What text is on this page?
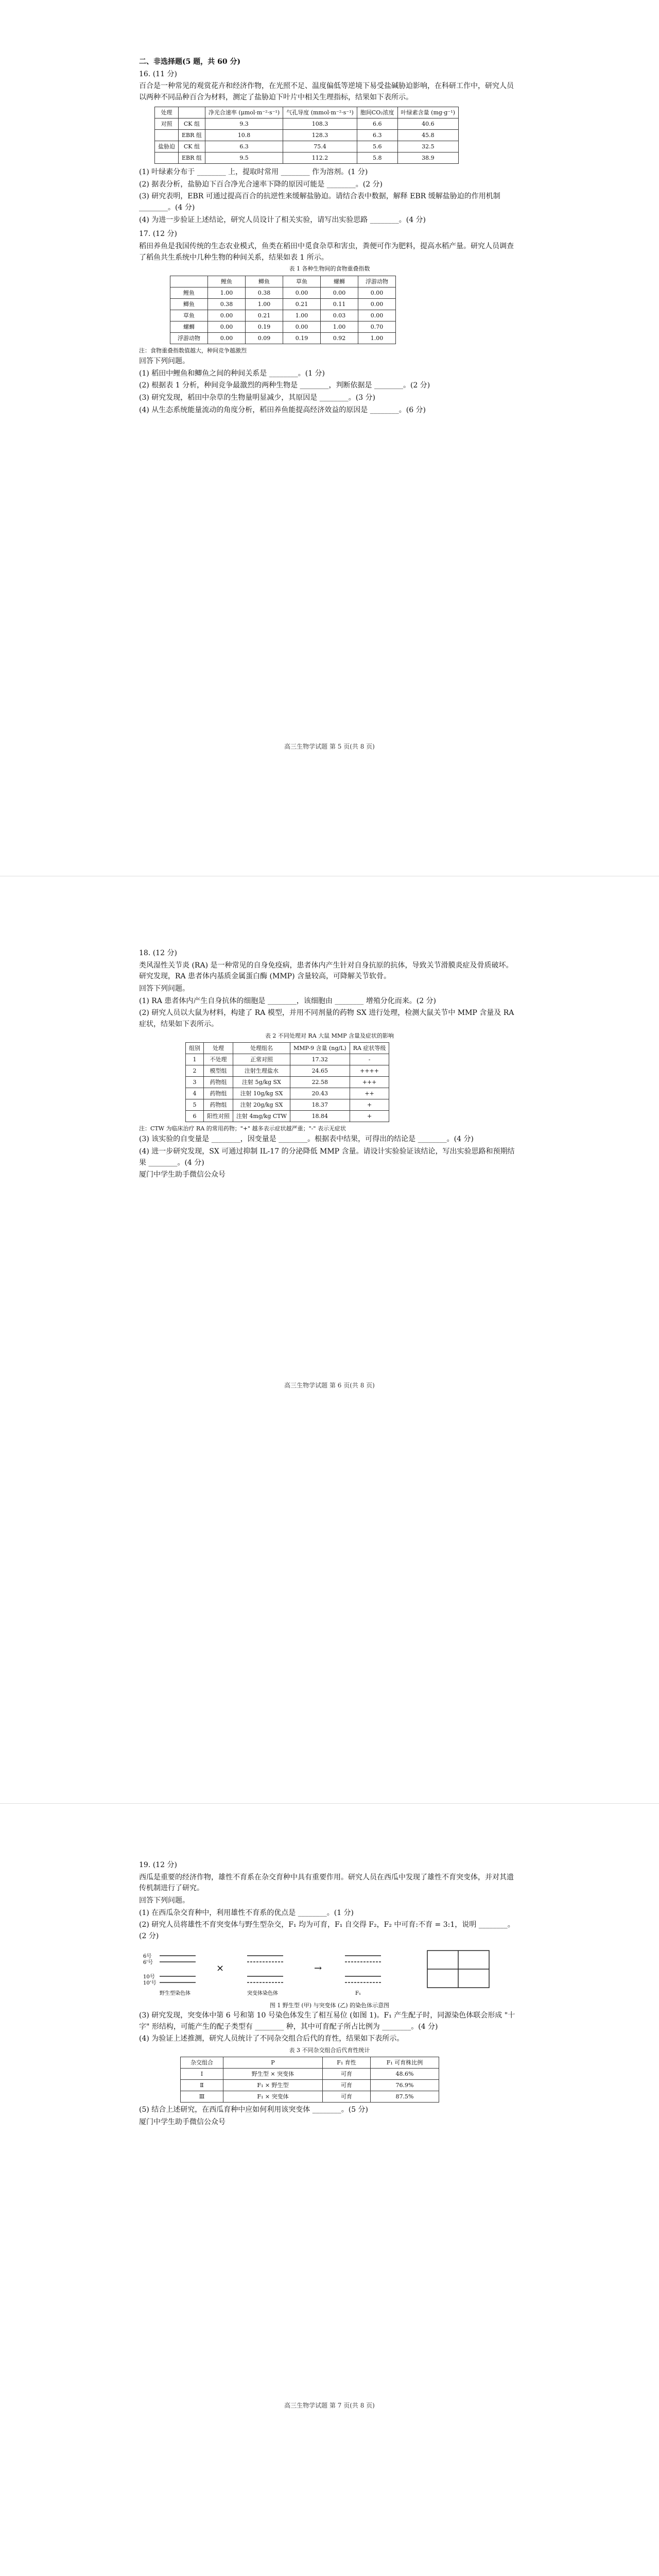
二、非选择题(5 题，共 60 分)

16. (11 分)

百合是一种常见的观赏花卉和经济作物，在光照不足、温度偏低等逆境下易受盐碱胁迫影响，在科研工作中，研究人员以两种不同品种百合为材料，测定了盐胁迫下叶片中相关生理指标，结果如下表所示。

处理		净光合速率 (μmol·m⁻²·s⁻¹)	气孔导度 (mmol·m⁻²·s⁻¹)	胞间CO₂浓度	叶绿素含量 (mg·g⁻¹)
对照	CK 组	9.3	108.3	6.6	40.6
	EBR 组	10.8	128.3	6.3	45.8
盐胁迫	CK 组	6.3	75.4	5.6	32.5
	EBR 组	9.5	112.2	5.8	38.9

(1) 叶绿素分布于 ________ 上，提取时常用 ________ 作为溶剂。(1 分)

(2) 据表分析，盐胁迫下百合净光合速率下降的原因可能是 ________。(2 分)

(3) 研究表明，EBR 可通过提高百合的抗逆性来缓解盐胁迫。请结合表中数据，解释 EBR 缓解盐胁迫的作用机制 ________。(4 分)

(4) 为进一步验证上述结论，研究人员设计了相关实验，请写出实验思路 ________。(4 分)

17. (12 分)

稻田养鱼是我国传统的生态农业模式，鱼类在稻田中觅食杂草和害虫，粪便可作为肥料，提高水稻产量。研究人员调查了稻鱼共生系统中几种生物的种间关系，结果如表 1 所示。

表 1 各种生物间的食物重叠指数

	鲤鱼	鲫鱼	草鱼	螺蛳	浮游动物
鲤鱼	1.00	0.38	0.00	0.00	0.00
鲫鱼	0.38	1.00	0.21	0.11	0.00
草鱼	0.00	0.21	1.00	0.03	0.00
螺蛳	0.00	0.19	0.00	1.00	0.70
浮游动物	0.00	0.09	0.19	0.92	1.00

注：食物重叠指数值越大，种间竞争越激烈

回答下列问题。

(1) 稻田中鲤鱼和鲫鱼之间的种间关系是 ________。(1 分)

(2) 根据表 1 分析，种间竞争最激烈的两种生物是 ________，判断依据是 ________。(2 分)

(3) 研究发现，稻田中杂草的生物量明显减少，其原因是 ________。(3 分)

(4) 从生态系统能量流动的角度分析，稻田养鱼能提高经济效益的原因是 ________。(6 分)

高三生物学试题 第 5 页(共 8 页)

18. (12 分)

类风湿性关节炎 (RA) 是一种常见的自身免疫病，患者体内产生针对自身抗原的抗体，导致关节滑膜炎症及骨质破坏。研究发现，RA 患者体内基质金属蛋白酶 (MMP) 含量较高，可降解关节软骨。

回答下列问题。

(1) RA 患者体内产生自身抗体的细胞是 ________，该细胞由 ________ 增殖分化而来。(2 分)

(2) 研究人员以大鼠为材料，构建了 RA 模型，并用不同剂量的药物 SX 进行处理，检测大鼠关节中 MMP 含量及 RA 症状，结果如下表所示。

表 2 不同处理对 RA 大鼠 MMP 含量及症状的影响

组别	处理	处理组名	MMP-9 含量 (ng/L)	RA 症状等级
1	不处理	正常对照	17.32	-
2	模型组	注射生理盐水	24.65	++++
3	药物组	注射 5g/kg SX	22.58	+++
4	药物组	注射 10g/kg SX	20.43	++
5	药物组	注射 20g/kg SX	18.37	+
6	阳性对照	注射 4mg/kg CTW	18.84	+

注：CTW 为临床治疗 RA 的常用药物；"+" 越多表示症状越严重；"-" 表示无症状

(3) 该实验的自变量是 ________，因变量是 ________。根据表中结果，可得出的结论是 ________。(4 分)

(4) 进一步研究发现，SX 可通过抑制 IL-17 的分泌降低 MMP 含量。请设计实验验证该结论，写出实验思路和预期结果 ________。(4 分)

厦门中学生助手微信公众号

高三生物学试题 第 6 页(共 8 页)

19. (12 分)

西瓜是重要的经济作物，雄性不育系在杂交育种中具有重要作用。研究人员在西瓜中发现了雄性不育突变体，并对其遗传机制进行了研究。

回答下列问题。

(1) 在西瓜杂交育种中，利用雄性不育系的优点是 ________。(1 分)

(2) 研究人员将雄性不育突变体与野生型杂交，F₁ 均为可育，F₁ 自交得 F₂，F₂ 中可育:不育 = 3:1，说明 ________。(2 分)

×	→
6号
6'号
10号
10'号
野生型染色体	突变体染色体	F₁

图 1 野生型 (甲) 与突变体 (乙) 的染色体示意图

(3) 研究发现，突变体中第 6 号和第 10 号染色体发生了相互易位 (如图 1)。F₁ 产生配子时，同源染色体联会形成 "十字" 形结构，可能产生的配子类型有 ________ 种，其中可育配子所占比例为 ________。(4 分)

(4) 为验证上述推测，研究人员统计了不同杂交组合后代的育性，结果如下表所示。

表 3 不同杂交组合后代育性统计

杂交组合	P	F₁ 育性	F₁ 可育株比例
Ⅰ	野生型 × 突变体	可育	48.6%
Ⅱ	F₁ × 野生型	可育	76.9%
Ⅲ	F₁ × 突变体	可育	87.5%

(5) 结合上述研究，在西瓜育种中应如何利用该突变体 ________。(5 分)

厦门中学生助手微信公众号

高三生物学试题 第 7 页(共 8 页)
